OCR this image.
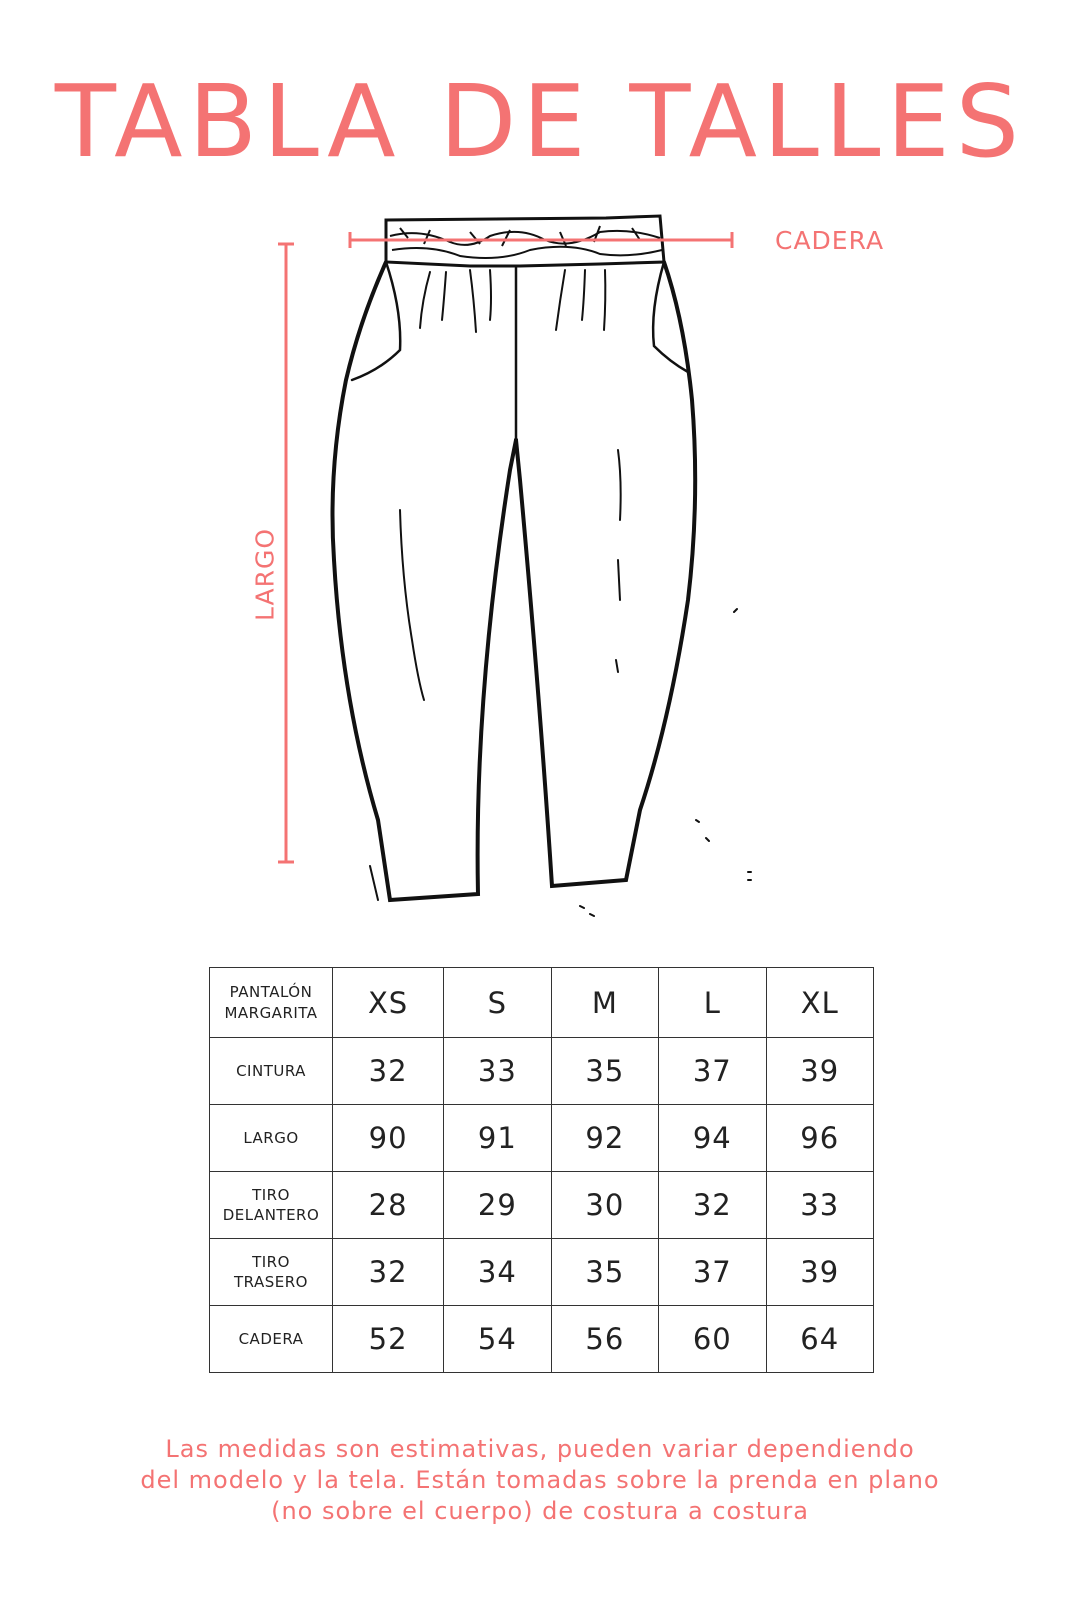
TABLA DE TALLES
CADERA
LARGO
PANTALÓN
MARGARITA	XS	S	M	L	XL
CINTURA	32	33	35	37	39
LARGO	90	91	92	94	96
TIRO
DELANTERO	28	29	30	32	33
TIRO
TRASERO	32	34	35	37	39
CADERA	52	54	56	60	64
Las medidas son estimativas, pueden variar dependiendo
del modelo y la tela. Están tomadas sobre la prenda en plano
(no sobre el cuerpo) de costura a costura
